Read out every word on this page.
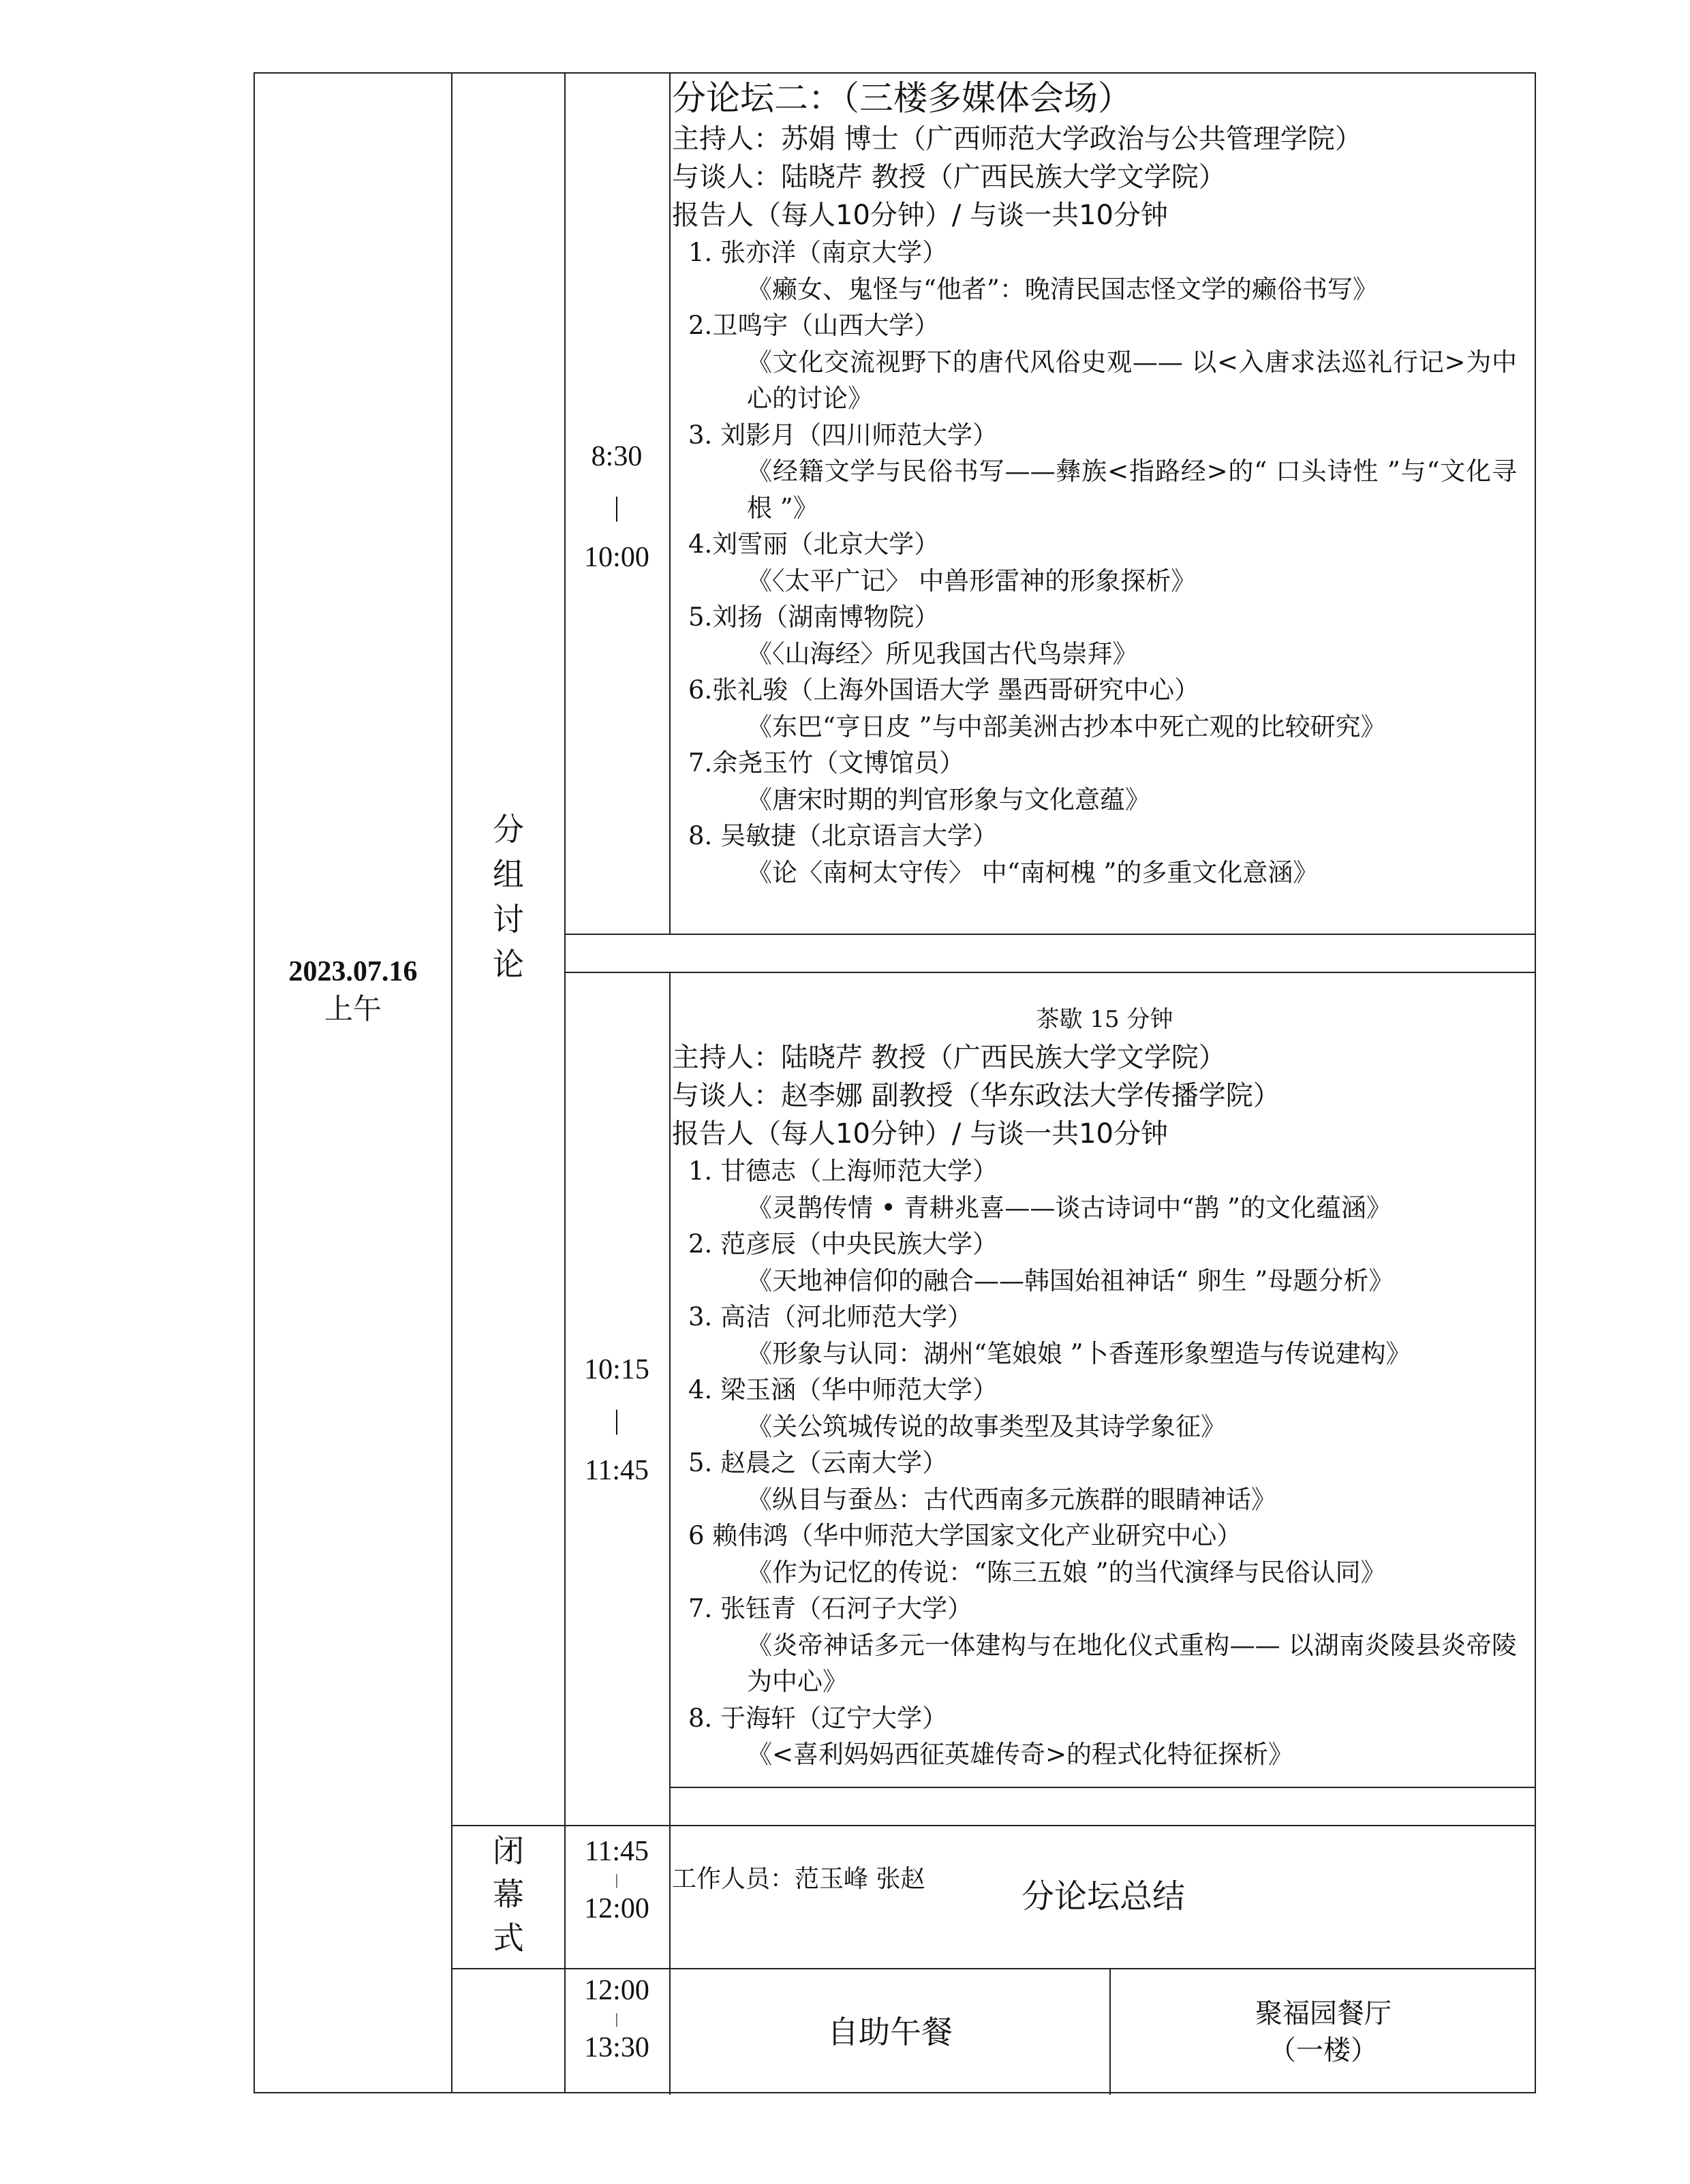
2023.07.16
上午
分
组
讨
论
闭
幕
式
8:30
|
10:00
10:15
|
11:45
11:45
|
12:00
12:00
|
13:30
分论坛总结
自助午餐	聚福园餐厅
（一楼）
茶歇 15 分钟
分论坛二：（三楼多媒体会场）
主持人：苏娟 博士（广西师范大学政治与公共管理学院）
与谈人：陆晓芹 教授（广西民族大学文学院）
报告人（每人10分钟）/ 与谈一共10分钟
1. 张亦洋（南京大学）
《癞女、鬼怪与“他者”：晚清民国志怪文学的癞俗书写》
2.卫鸣宇（山西大学）
《文化交流视野下的唐代风俗史观—— 以<入唐求法巡礼行记>为中心的讨论》
3. 刘影月（四川师范大学）
《经籍文学与民俗书写——彝族<指路经>的“ 口头诗性 ”与“文化寻根 ”》
4.刘雪丽（北京大学）
《〈太平广记〉 中兽形雷神的形象探析》
5.刘扬（湖南博物院）
《〈山海经〉所见我国古代鸟崇拜》
6.张礼骏（上海外国语大学 墨西哥研究中心）
《东巴“亨日皮 ”与中部美洲古抄本中死亡观的比较研究》
7.余尧玉竹（文博馆员）
《唐宋时期的判官形象与文化意蕴》
8. 吴敏捷（北京语言大学）
《论〈南柯太守传〉 中“南柯槐 ”的多重文化意涵》
主持人：陆晓芹 教授（广西民族大学文学院）
与谈人：赵李娜 副教授（华东政法大学传播学院）
报告人（每人10分钟）/ 与谈一共10分钟
1. 甘德志（上海师范大学）
《灵鹊传情 • 青耕兆喜——谈古诗词中“鹊 ”的文化蕴涵》
2. 范彦辰（中央民族大学）
《天地神信仰的融合——韩国始祖神话“ 卵生 ”母题分析》
3. 高洁（河北师范大学）
《形象与认同：湖州“笔娘娘 ”卜香莲形象塑造与传说建构》
4. 梁玉涵（华中师范大学）
《关公筑城传说的故事类型及其诗学象征》
5. 赵晨之（云南大学）
《纵目与蚕丛：古代西南多元族群的眼睛神话》
6 赖伟鸿（华中师范大学国家文化产业研究中心）
《作为记忆的传说：“陈三五娘 ”的当代演绎与民俗认同》
7. 张钰青（石河子大学）
《炎帝神话多元一体建构与在地化仪式重构—— 以湖南炎陵县炎帝陵为中心》
8. 于海轩（辽宁大学）
《<喜利妈妈西征英雄传奇>的程式化特征探析》
工作人员：范玉峰 张赵
